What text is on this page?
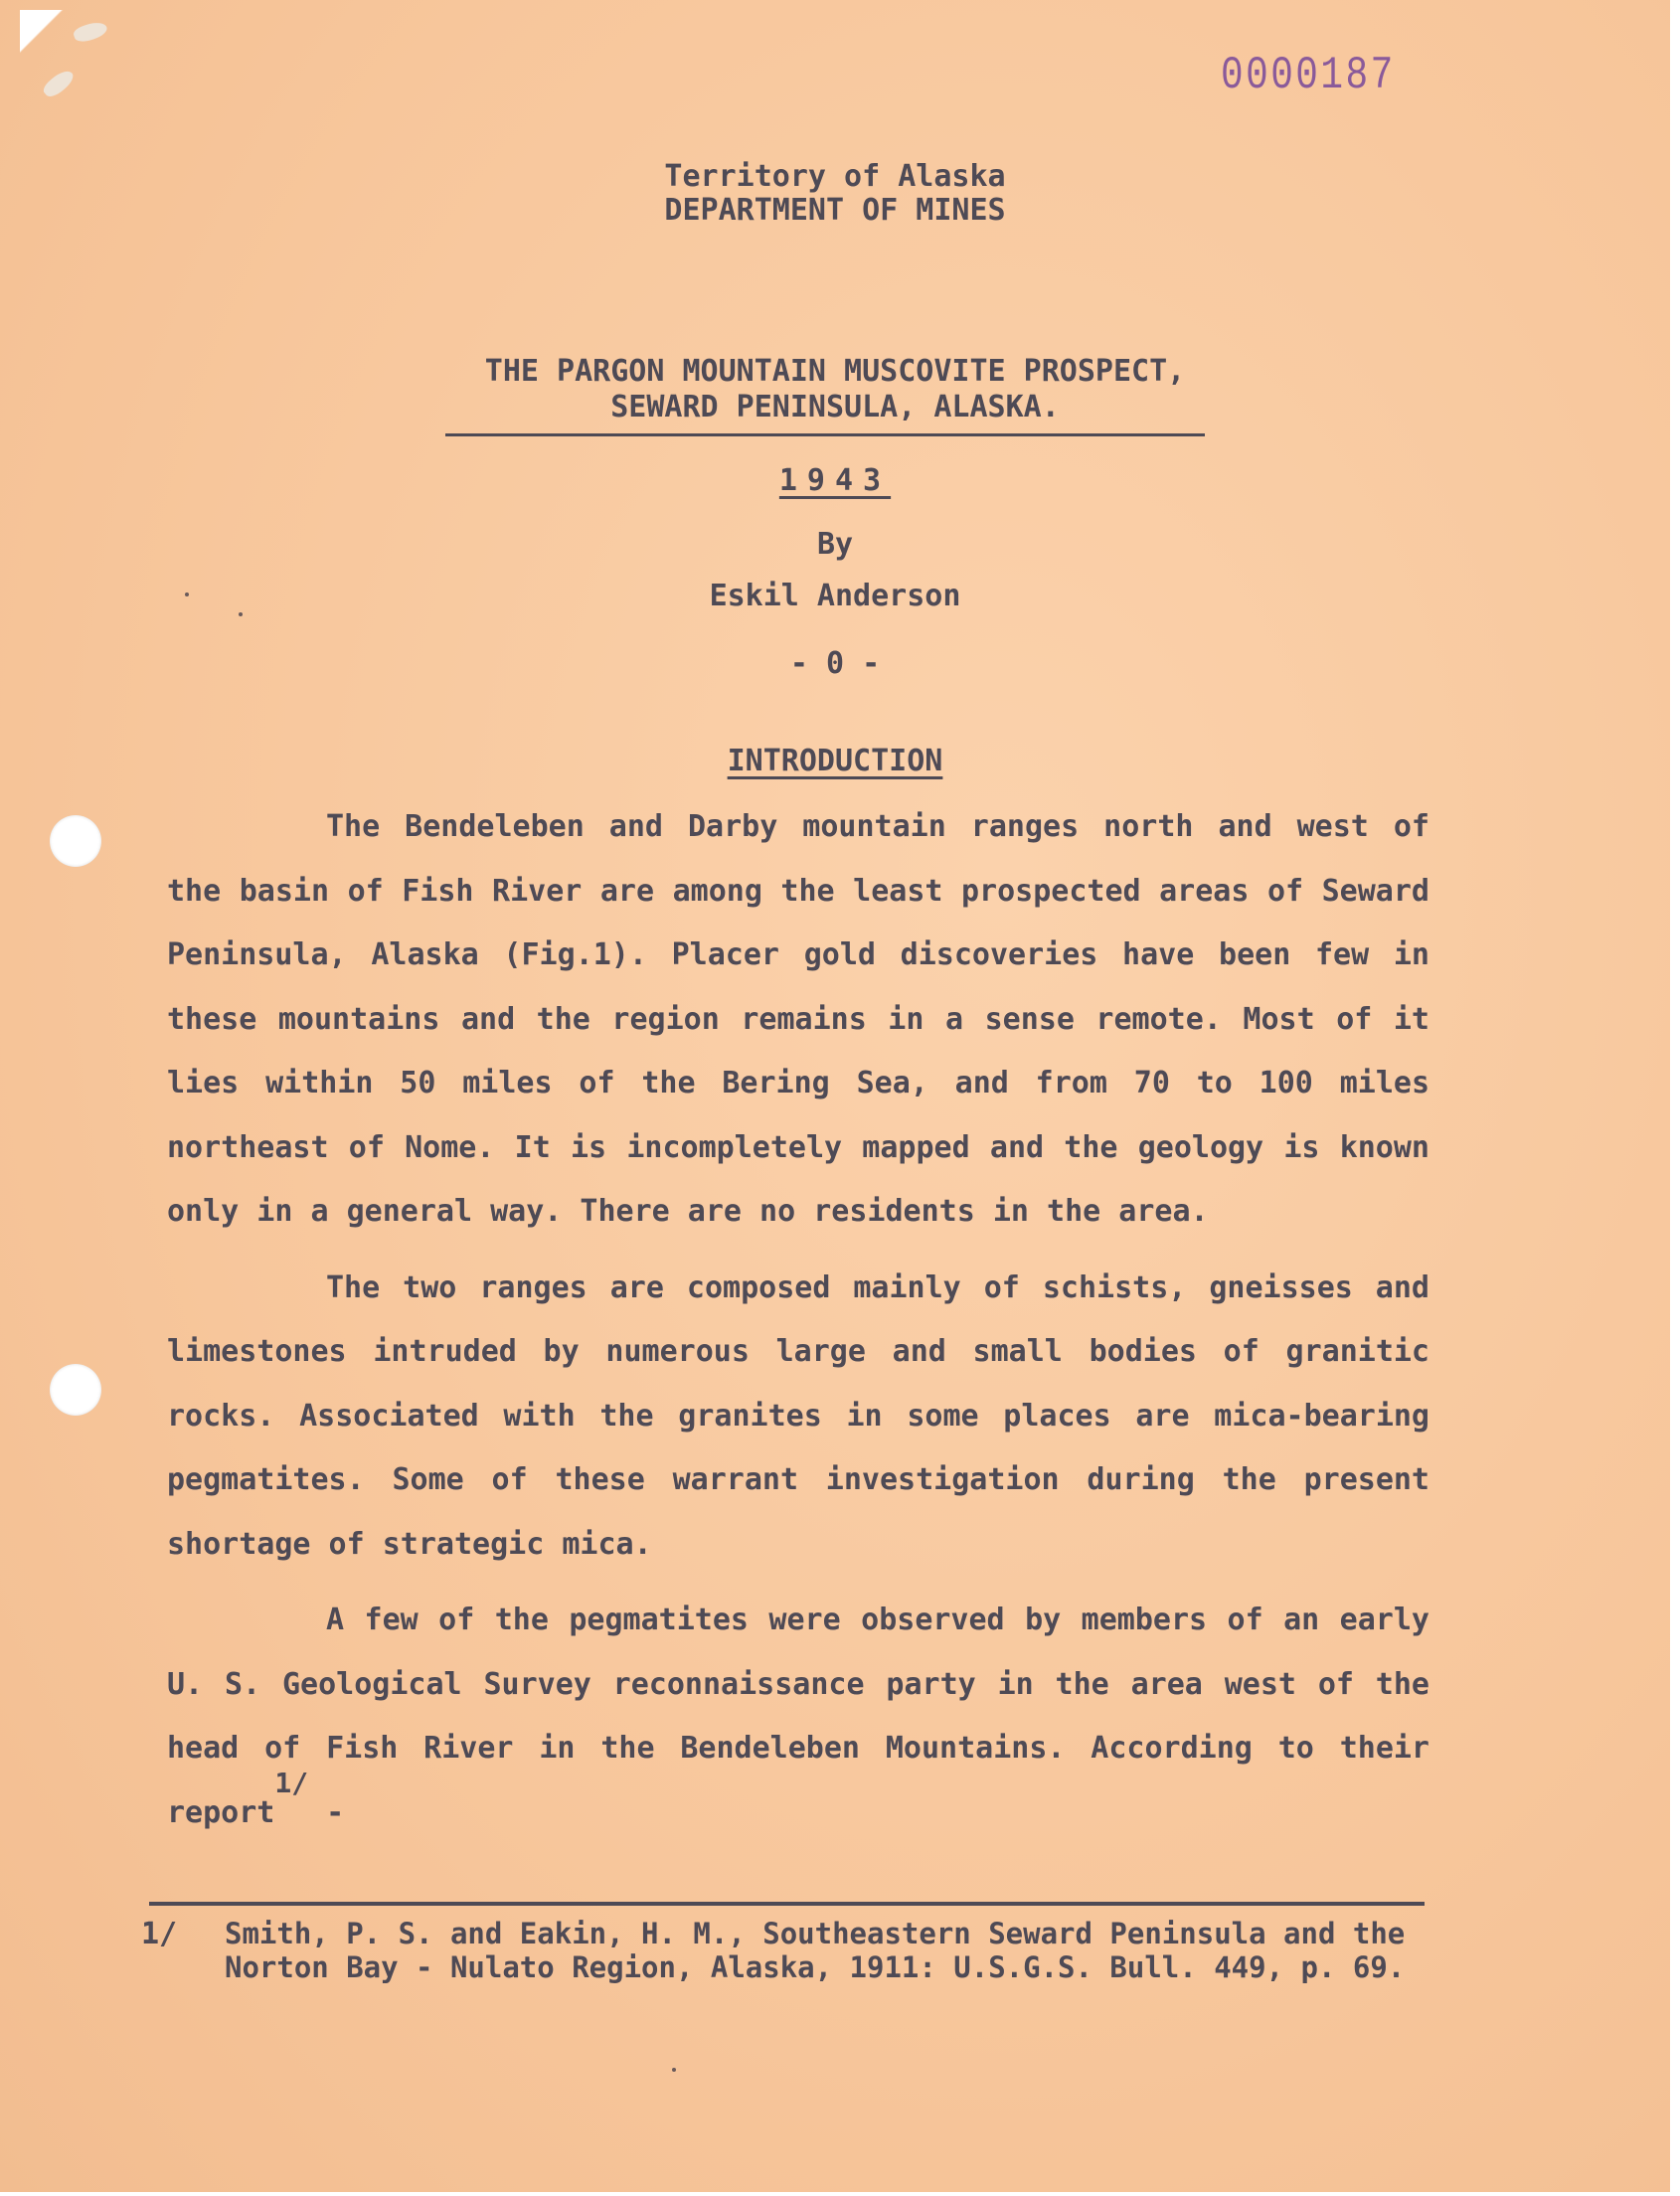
0000187
Territory of Alaska
DEPARTMENT OF MINES
THE PARGON MOUNTAIN MUSCOVITE PROSPECT,
SEWARD PENINSULA, ALASKA.
1943
By
Eskil Anderson
- 0 -
INTRODUCTION

The Bendeleben and Darby mountain ranges north and west of the basin of Fish River are among the least prospected areas of Seward Peninsula, Alaska (Fig.1). Placer gold discoveries have been few in these mountains and the region remains in a sense remote. Most of it lies within 50 miles of the Bering Sea, and from 70 to 100 miles northeast of Nome. It is incompletely mapped and the geology is known only in a general way. There are no residents in the area.

The two ranges are composed mainly of schists, gneisses and limestones intruded by numerous large and small bodies of granitic rocks. Associated with the granites in some places are mica-bearing pegmatites. Some of these warrant investigation during the present shortage of strategic mica.

A few of the pegmatites were observed by members of an early U. S. Geological Survey reconnaissance party in the area west of the head of Fish River in the Bendeleben Mountains. According to their report1/ -

1/ Smith, P. S. and Eakin, H. M., Southeastern Seward Peninsula and the Norton Bay - Nulato Region, Alaska, 1911: U.S.G.S. Bull. 449, p. 69.
